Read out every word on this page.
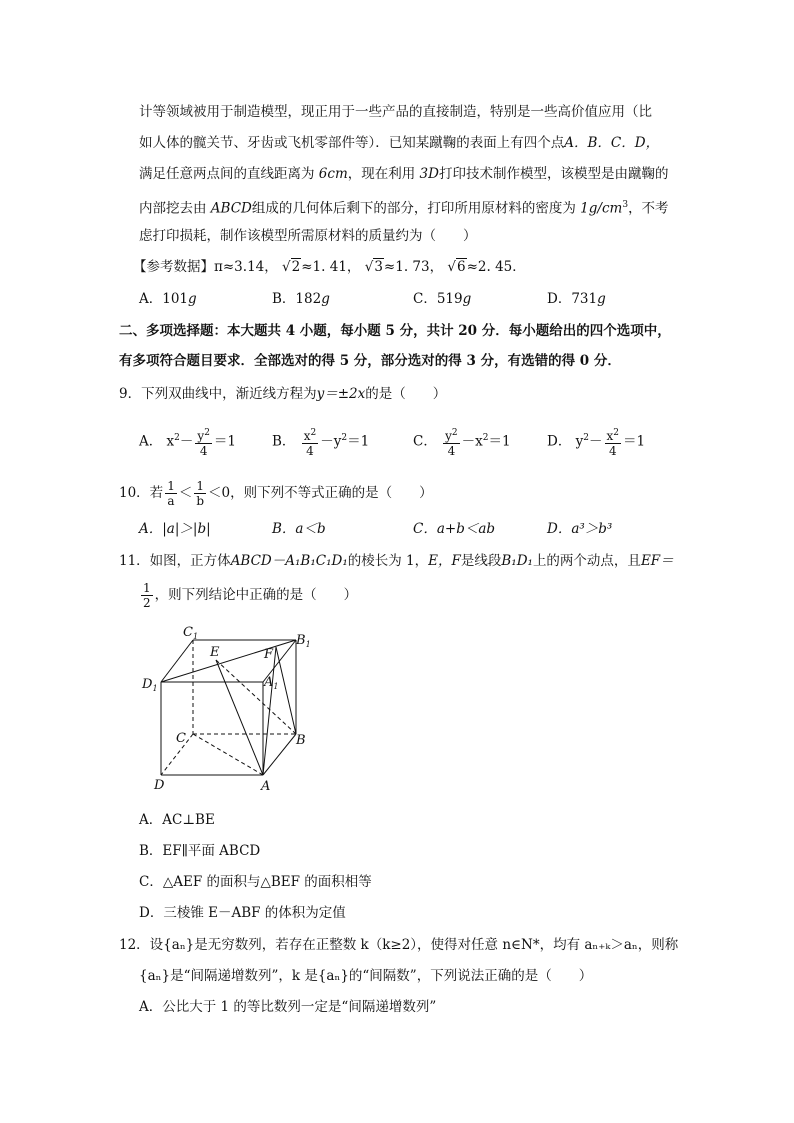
计等领域被用于制造模型，现正用于一些产品的直接制造，特别是一些高价值应用（比
如人体的髋关节、牙齿或飞机零部件等）．已知某蹴鞠的表面上有四个点A．B．C．D，
满足任意两点间的直线距离为 6cm，现在利用 3D打印技术制作模型，该模型是由蹴鞠的
内部挖去由 ABCD组成的几何体后剩下的部分，打印所用原材料的密度为 $1g/cm^3$，不考
虑打印损耗，制作该模型所需原材料的质量约为（　　）
【参考数据】π≈3.14， √2≈1. 41， √3≈1. 73， √6≈2. 45．
A．101g	B．182g	C．519g	D．731g
二、多项选择题：本大题共 4 小题，每小题 5 分，共计 20 分．每小题给出的四个选项中，
有多项符合题目要求．全部选对的得 5 分，部分选对的得 3 分，有选错的得 0 分．
9．下列双曲线中，渐近线方程为y＝±2x的是（　　）
A． $x^2- \frac{y^2}{4} =1$	B． $\frac{x^2}{4} -y^2=1$	C． $\frac{y^2}{4} -x^2=1$	D． $y^2- \frac{x^2}{4} =1$
10．若 $\frac{1}{a} < \frac{1}{b} <0$，则下列不等式正确的是（　　）
A．|a|＞|b|	B．a＜b	C．a+b＜ab	D．a³＞b³
11．如图，正方体ABCD－A₁B₁C₁D₁的棱长为 1，E，F是线段B₁D₁上的两个动点，且EF＝
$\frac{1}{2}$ ，则下列结论中正确的是（　　）
$C_1$	$B_1$
$D_1$	$A_1$
E	F
C	B
D	A
A．AC⊥BE
B．EF∥平面 ABCD
C．△AEF 的面积与△BEF 的面积相等
D．三棱锥 E－ABF 的体积为定值
12．设{aₙ}是无穷数列，若存在正整数 k（k≥2），使得对任意 n∈N*，均有 aₙ₊ₖ＞aₙ，则称
{aₙ}是“间隔递增数列”，k 是{aₙ}的“间隔数”，下列说法正确的是（　　）
A．公比大于 1 的等比数列一定是“间隔递增数列”
